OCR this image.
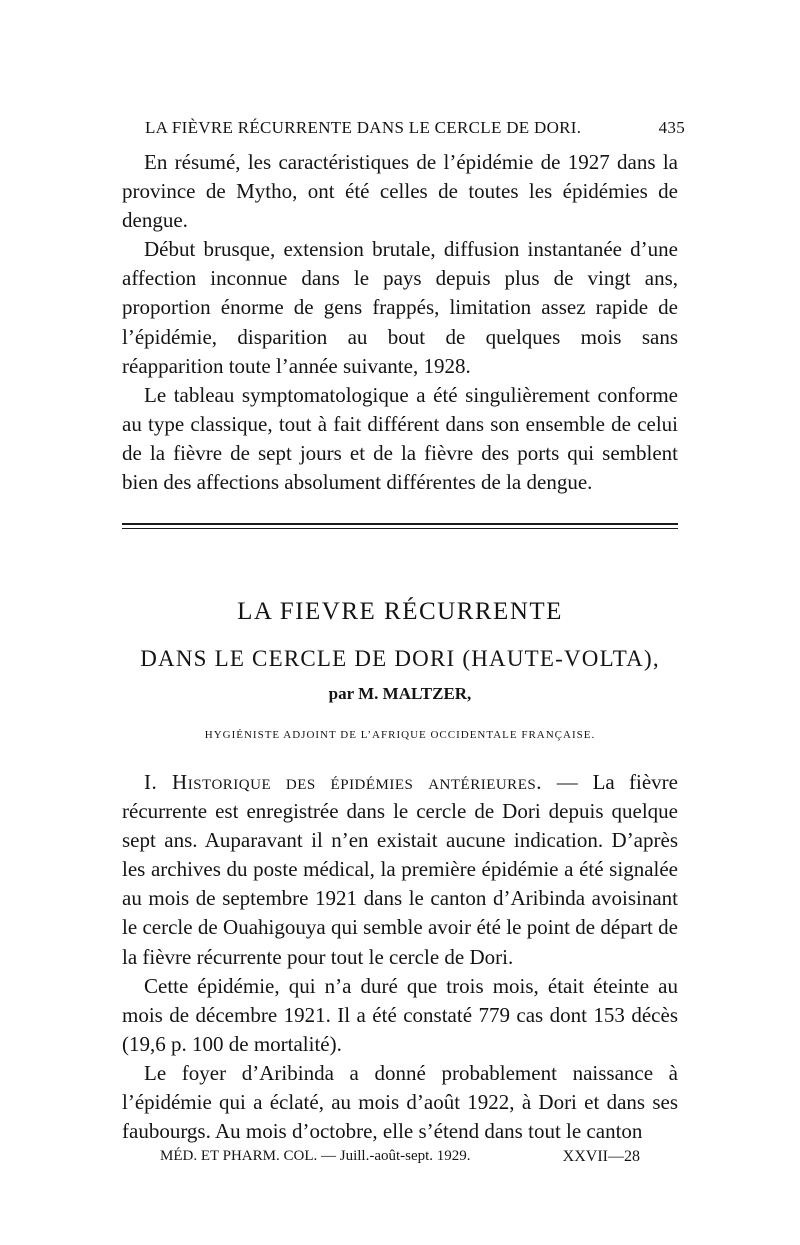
LA FIÈVRE RÉCURRENTE DANS LE CERCLE DE DORI.	435

En résumé, les caractéristiques de l’épidémie de 1927 dans la province de Mytho, ont été celles de toutes les épidémies de dengue.

Début brusque, extension brutale, diffusion instantanée d’une affection inconnue dans le pays depuis plus de vingt ans, proportion énorme de gens frappés, limitation assez rapide de l’épidémie, disparition au bout de quelques mois sans réapparition toute l’année suivante, 1928.

Le tableau symptomatologique a été singulièrement conforme au type classique, tout à fait différent dans son ensemble de celui de la fièvre de sept jours et de la fièvre des ports qui semblent bien des affections absolument différentes de la dengue.

LA FIEVRE RÉCURRENTE
DANS LE CERCLE DE DORI (HAUTE-VOLTA),
par M. MALTZER,
HYGIÉNISTE ADJOINT DE L’AFRIQUE OCCIDENTALE FRANÇAISE.

I. Historique des épidémies antérieures. — La fièvre récurrente est enregistrée dans le cercle de Dori depuis quelque sept ans. Auparavant il n’en existait aucune indication. D’après les archives du poste médical, la première épidémie a été signalée au mois de septembre 1921 dans le canton d’Aribinda avoisinant le cercle de Ouahigouya qui semble avoir été le point de départ de la fièvre récurrente pour tout le cercle de Dori.

Cette épidémie, qui n’a duré que trois mois, était éteinte au mois de décembre 1921. Il a été constaté 779 cas dont 153 décès (19,6 p. 100 de mortalité).

Le foyer d’Aribinda a donné probablement naissance à l’épidémie qui a éclaté, au mois d’août 1922, à Dori et dans ses faubourgs. Au mois d’octobre, elle s’étend dans tout le canton

MÉD. ET PHARM. COL. — Juill.-août-sept. 1929.	XXVII—28
